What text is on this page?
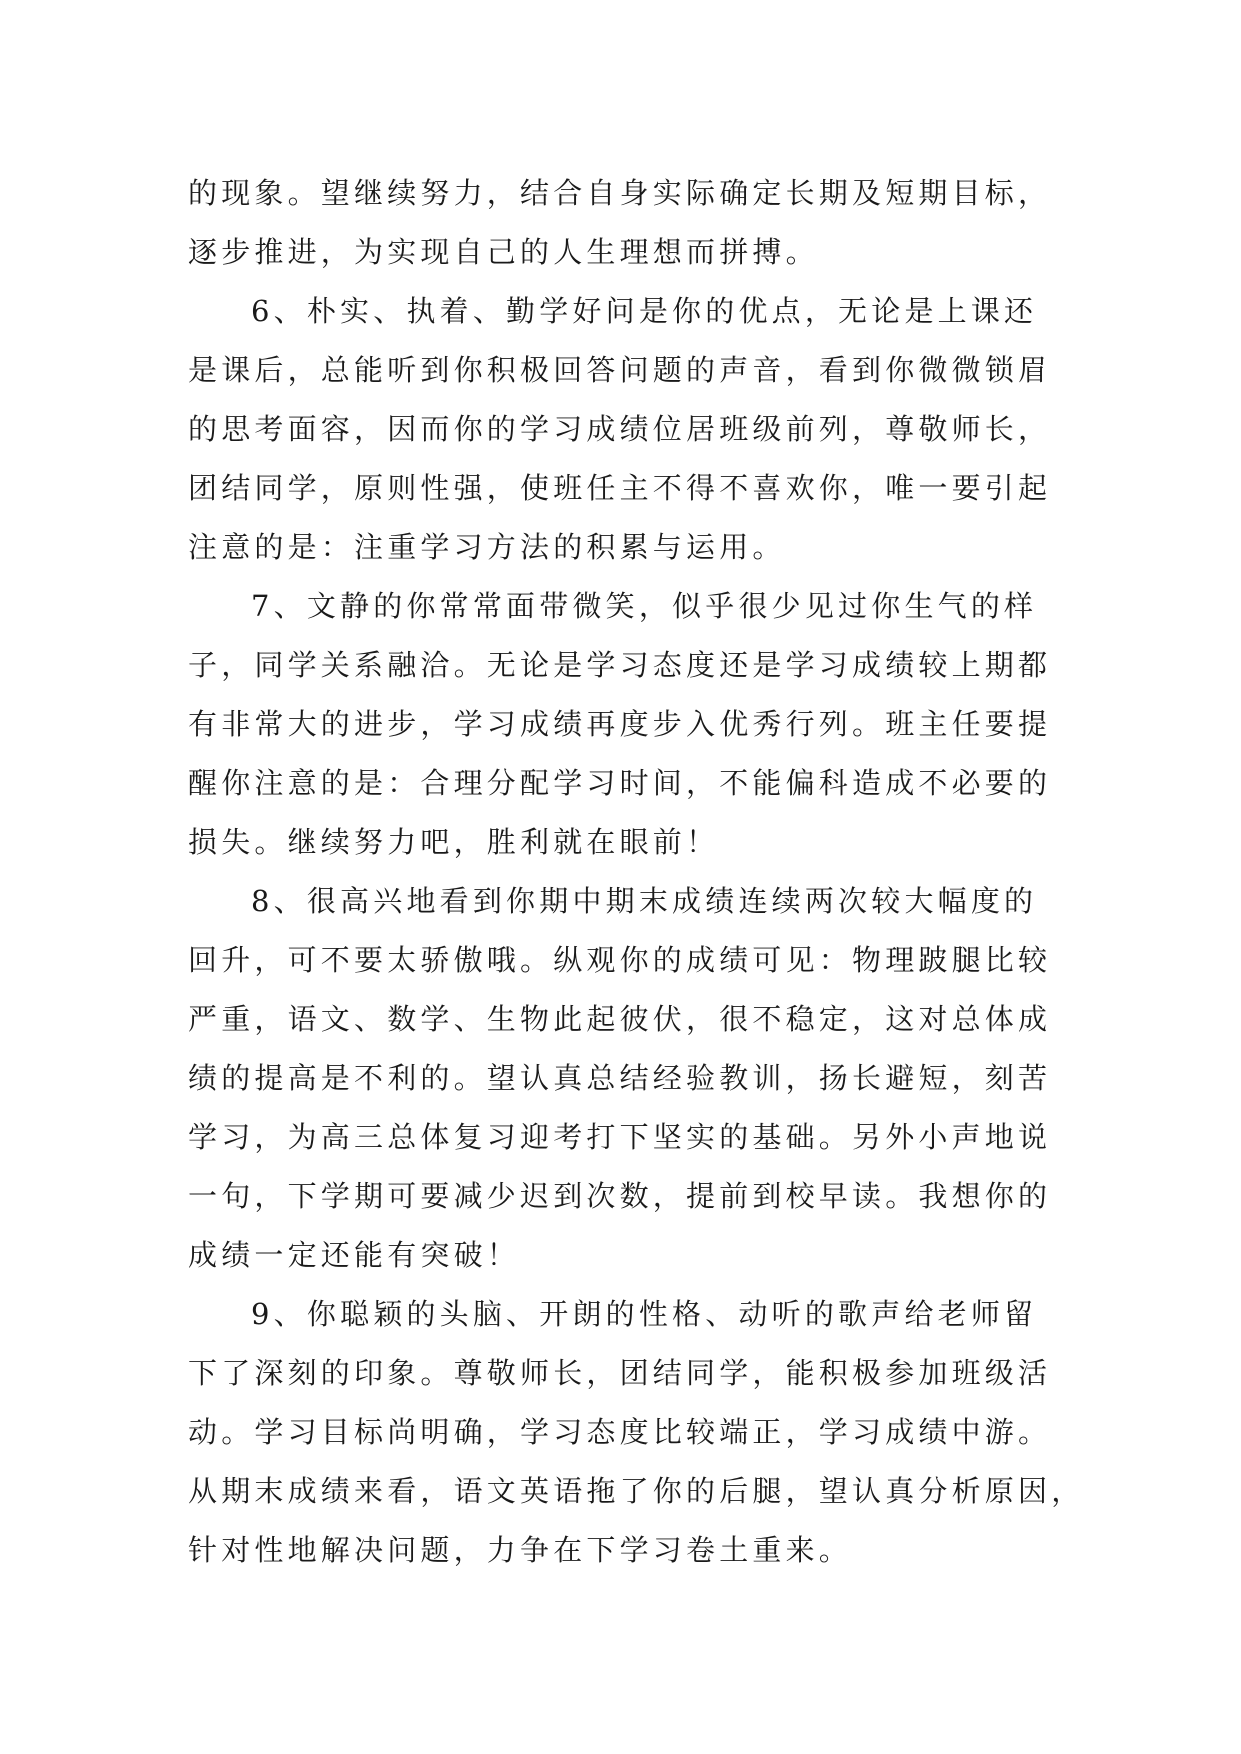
的现象。望继续努力，结合自身实际确定长期及短期目标，

逐步推进，为实现自己的人生理想而拼搏。

6、朴实、执着、勤学好问是你的优点，无论是上课还

是课后，总能听到你积极回答问题的声音，看到你微微锁眉

的思考面容，因而你的学习成绩位居班级前列，尊敬师长，

团结同学，原则性强，使班任主不得不喜欢你，唯一要引起

注意的是：注重学习方法的积累与运用。

7、文静的你常常面带微笑，似乎很少见过你生气的样

子，同学关系融洽。无论是学习态度还是学习成绩较上期都

有非常大的进步，学习成绩再度步入优秀行列。班主任要提

醒你注意的是：合理分配学习时间，不能偏科造成不必要的

损失。继续努力吧，胜利就在眼前！

8、很高兴地看到你期中期末成绩连续两次较大幅度的

回升，可不要太骄傲哦。纵观你的成绩可见：物理跛腿比较

严重，语文、数学、生物此起彼伏，很不稳定，这对总体成

绩的提高是不利的。望认真总结经验教训，扬长避短，刻苦

学习，为高三总体复习迎考打下坚实的基础。另外小声地说

一句，下学期可要减少迟到次数，提前到校早读。我想你的

成绩一定还能有突破！

9、你聪颖的头脑、开朗的性格、动听的歌声给老师留

下了深刻的印象。尊敬师长，团结同学，能积极参加班级活

动。学习目标尚明确，学习态度比较端正，学习成绩中游。

从期末成绩来看，语文英语拖了你的后腿，望认真分析原因，

针对性地解决问题，力争在下学习卷土重来。
